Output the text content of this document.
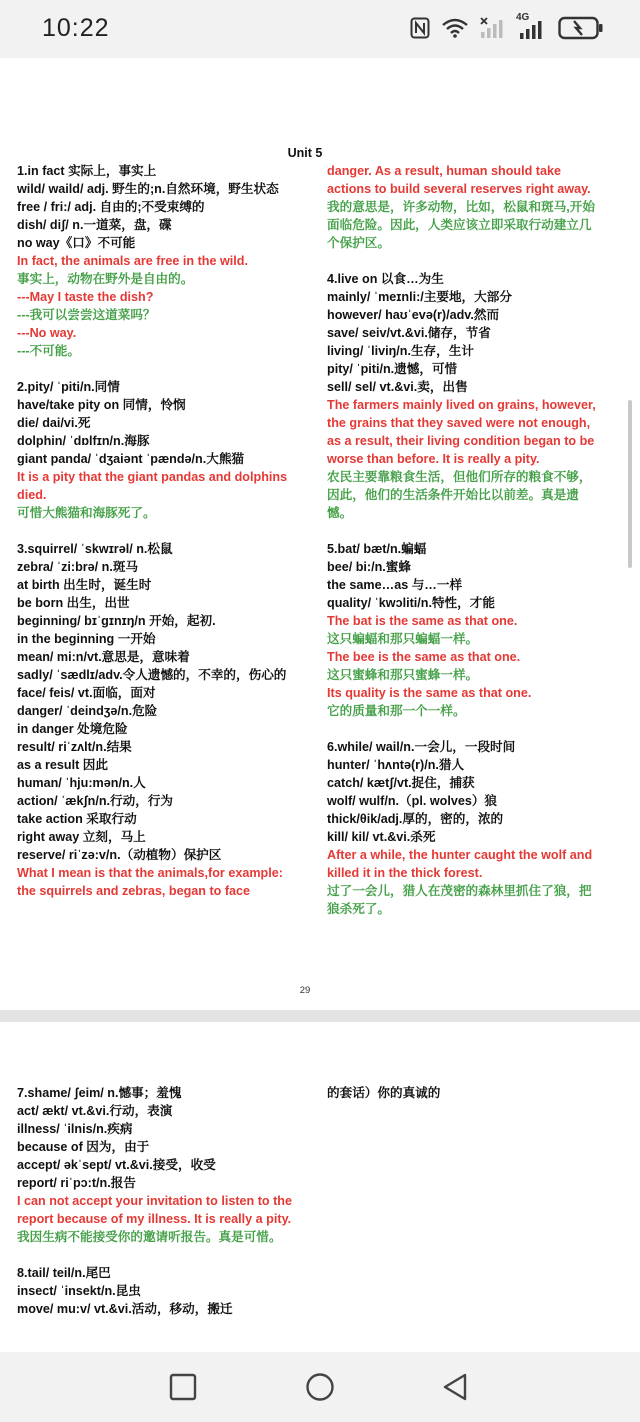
10:22	4G
Unit 5
1.in fact 实际上，事实上
wild/ waild/ adj. 野生的;n.自然环境，野生状态
free / fri:/ adj. 自由的;不受束缚的
dish/ diʃ/ n.一道菜，盘，碟
no way《口》不可能
In fact, the animals are free in the wild.
事实上，动物在野外是自由的。
---May I taste the dish?
---我可以尝尝这道菜吗？
---No way.
---不可能。
2.pity/ ˈpiti/n.同情
have/take pity on 同情，怜悯
die/ dai/vi.死
dolphin/ ˈdɒlfɪn/n.海豚
giant panda/ ˈdʒaiənt ˈpændə/n.大熊猫
It is a pity that the giant pandas and dolphins died.
可惜大熊猫和海豚死了。
3.squirrel/ ˈskwɪrəl/ n.松鼠
zebra/ ˈzi:brə/ n.斑马
at birth 出生时，诞生时
be born 出生，出世
beginning/ bɪˈgɪnɪŋ/n 开始，起初.
in the beginning 一开始
mean/ mi:n/vt.意思是，意味着
sadly/ ˈsædlɪ/adv.令人遗憾的，不幸的，伤心的
face/ feis/ vt.面临，面对
danger/ ˈdeindʒə/n.危险
in danger 处境危险
result/ riˈzʌlt/n.结果
as a result 因此
human/ ˈhju:mən/n.人
action/ ˈækʃn/n.行动，行为
take action 采取行动
right away 立刻，马上
reserve/ riˈzə:v/n.（动植物）保护区
What I mean is that the animals,for example: the squirrels and zebras, began to face
danger. As a result, human should take actions to build several reserves right away.
我的意思是，许多动物，比如，松鼠和斑马,开始面临危险。因此，人类应该立即采取行动建立几个保护区。
4.live on 以食…为生
mainly/ ˈmeɪnli:/主要地，大部分
however/ haʊˈevə(r)/adv.然而
save/ seiv/vt.&vi.储存，节省
living/ ˈliviŋ/n.生存，生计
pity/ ˈpiti/n.遗憾，可惜
sell/ sel/ vt.&vi.卖，出售
The farmers mainly lived on grains, however, the grains that they saved were not enough, as a result, their living condition began to be worse than before. It is really a pity.
农民主要靠粮食生活，但他们所存的粮食不够，因此，他们的生活条件开始比以前差。真是遗憾。
5.bat/ bæt/n.蝙蝠
bee/ bi:/n.蜜蜂
the same…as 与…一样
quality/ ˈkwɔliti/n.特性，才能
The bat is the same as that one.
这只蝙蝠和那只蝙蝠一样。
The bee is the same as that one.
这只蜜蜂和那只蜜蜂一样。
Its quality is the same as that one.
它的质量和那一个一样。
6.while/ wail/n.一会儿，一段时间
hunter/ ˈhʌntə(r)/n.猎人
catch/ kætʃ/vt.捉住，捕获
wolf/ wulf/n.（pl. wolves）狼
thick/θik/adj.厚的，密的，浓的
kill/ kil/ vt.&vi.杀死
After a while, the hunter caught the wolf and killed it in the thick forest.
过了一会儿，猎人在茂密的森林里抓住了狼，把狼杀死了。
29
7.shame/ ʃeim/ n.憾事；羞愧
act/ ækt/ vt.&vi.行动，表演
illness/ ˈilnis/n.疾病
because of 因为，由于
accept/ əkˈsept/ vt.&vi.接受，收受
report/ riˈpɔ:t/n.报告
I can not accept your invitation to listen to the report because of my illness. It is really a pity.
我因生病不能接受你的邀请听报告。真是可惜。
8.tail/ teil/n.尾巴
insect/ ˈinsekt/n.昆虫
move/ mu:v/ vt.&vi.活动，移动，搬迁
的套话）你的真诚的
